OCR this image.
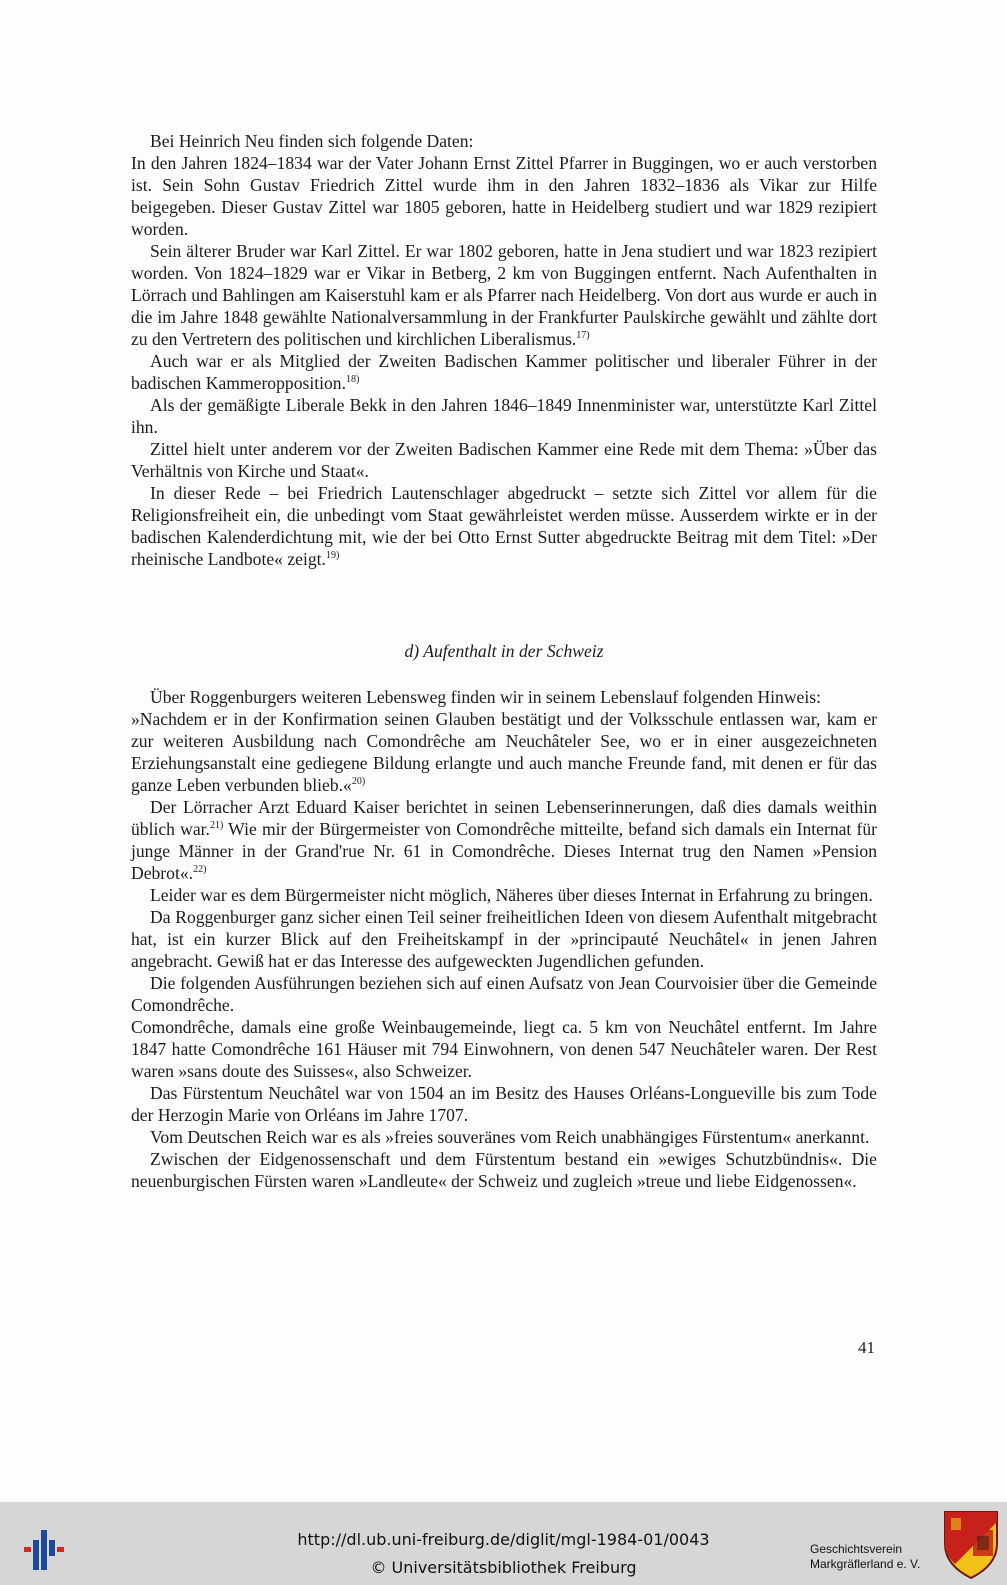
Bei Heinrich Neu finden sich folgende Daten:

In den Jahren 1824–1834 war der Vater Johann Ernst Zittel Pfarrer in Buggingen, wo er auch verstorben ist. Sein Sohn Gustav Friedrich Zittel wurde ihm in den Jahren 1832–1836 als Vikar zur Hilfe beigegeben. Dieser Gustav Zittel war 1805 geboren, hatte in Heidelberg studiert und war 1829 rezipiert worden.

Sein älterer Bruder war Karl Zittel. Er war 1802 geboren, hatte in Jena studiert und war 1823 rezipiert worden. Von 1824–1829 war er Vikar in Betberg, 2 km von Buggingen entfernt. Nach Aufenthalten in Lörrach und Bahlingen am Kaiserstuhl kam er als Pfarrer nach Heidelberg. Von dort aus wurde er auch in die im Jahre 1848 gewählte Nationalversammlung in der Frankfurter Paulskirche gewählt und zählte dort zu den Vertretern des politischen und kirchlichen Liberalismus.$^{17)}$

Auch war er als Mitglied der Zweiten Badischen Kammer politischer und liberaler Führer in der badischen Kammeropposition.$^{18)}$

Als der gemäßigte Liberale Bekk in den Jahren 1846–1849 Innenminister war, unterstützte Karl Zittel ihn.

Zittel hielt unter anderem vor der Zweiten Badischen Kammer eine Rede mit dem Thema: »Über das Verhältnis von Kirche und Staat«.

In dieser Rede – bei Friedrich Lautenschlager abgedruckt – setzte sich Zittel vor allem für die Religionsfreiheit ein, die unbedingt vom Staat gewährleistet werden müsse. Ausserdem wirkte er in der badischen Kalenderdichtung mit, wie der bei Otto Ernst Sutter abgedruckte Beitrag mit dem Titel: »Der rheinische Landbote« zeigt.$^{19)}$

d) Aufenthalt in der Schweiz

Über Roggenburgers weiteren Lebensweg finden wir in seinem Lebenslauf folgenden Hinweis:

»Nachdem er in der Konfirmation seinen Glauben bestätigt und der Volksschule entlassen war, kam er zur weiteren Ausbildung nach Comondrêche am Neuchâteler See, wo er in einer ausgezeichneten Erziehungsanstalt eine gediegene Bildung erlangte und auch manche Freunde fand, mit denen er für das ganze Leben verbunden blieb.«$^{20)}$

Der Lörracher Arzt Eduard Kaiser berichtet in seinen Lebenserinnerungen, daß dies damals weithin üblich war.$^{21)}$ Wie mir der Bürgermeister von Comondrêche mitteilte, befand sich damals ein Internat für junge Männer in der Grand'rue Nr. 61 in Comondrêche. Dieses Internat trug den Namen »Pension Debrot«.$^{22)}$

Leider war es dem Bürgermeister nicht möglich, Näheres über dieses Internat in Erfahrung zu bringen.

Da Roggenburger ganz sicher einen Teil seiner freiheitlichen Ideen von diesem Aufenthalt mitgebracht hat, ist ein kurzer Blick auf den Freiheitskampf in der »principauté Neuchâtel« in jenen Jahren angebracht. Gewiß hat er das Interesse des aufgeweckten Jugendlichen gefunden.

Die folgenden Ausführungen beziehen sich auf einen Aufsatz von Jean Courvoisier über die Gemeinde Comondrêche.

Comondrêche, damals eine große Weinbaugemeinde, liegt ca. 5 km von Neuchâtel entfernt. Im Jahre 1847 hatte Comondrêche 161 Häuser mit 794 Einwohnern, von denen 547 Neuchâteler waren. Der Rest waren »sans doute des Suisses«, also Schweizer.

Das Fürstentum Neuchâtel war von 1504 an im Besitz des Hauses Orléans-Longueville bis zum Tode der Herzogin Marie von Orléans im Jahre 1707.

Vom Deutschen Reich war es als »freies souveränes vom Reich unabhängiges Fürstentum« anerkannt.

Zwischen der Eidgenossenschaft und dem Fürstentum bestand ein »ewiges Schutzbündnis«. Die neuenburgischen Fürsten waren »Landleute« der Schweiz und zugleich »treue und liebe Eidgenossen«.

41
http://dl.ub.uni-freiburg.de/diglit/mgl-1984-01/0043
© Universitätsbibliothek Freiburg
Geschichtsverein
Markgräflerland e. V.
